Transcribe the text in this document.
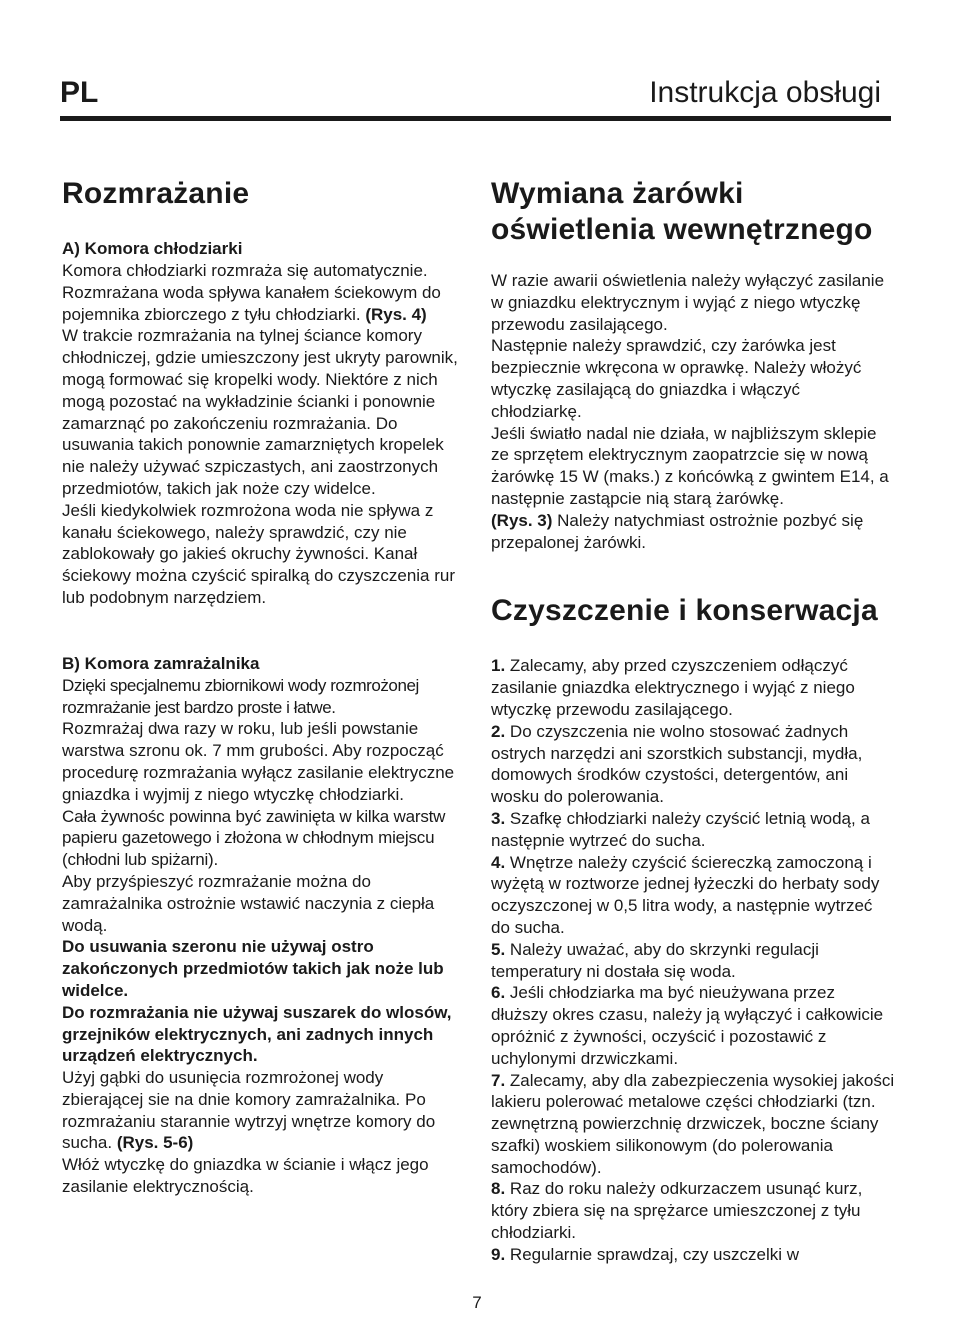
PL	Instrukcja obsługi
Rozmrażanie
A) Komora chłodziarki

Komora chłodziarki rozmraża się automatycznie. Rozmrażana woda spływa kanałem ściekowym do pojemnika zbiorczego z tyłu chłodziarki. (Rys. 4)

W trakcie rozmrażania na tylnej ściance komory chłodniczej, gdzie umieszczony jest ukryty parownik, mogą formować się kropelki wody. Niektóre z nich mogą pozostać na wykładzinie ścianki i ponownie zamarznąć po zakończeniu rozmrażania. Do usuwania takich ponownie zamarzniętych kropelek nie należy używać szpiczastych, ani zaostrzonych przedmiotów, takich jak noże czy widelce.

Jeśli kiedykolwiek rozmrożona woda nie spływa z kanału ściekowego, należy sprawdzić, czy nie zablokowały go jakieś okruchy żywności. Kanał ściekowy można czyścić spiralką do czyszczenia rur lub podobnym narzędziem.

B) Komora zamrażalnika

Dzięki specjalnemu zbiornikowi wody rozmrożonej rozmrażanie jest bardzo proste i łatwe.

Rozmrażaj dwa razy w roku, lub jeśli powstanie warstwa szronu ok. 7 mm grubości. Aby rozpocząć procedurę rozmrażania wyłącz zasilanie elektryczne gniazdka i wyjmij z niego wtyczkę chłodziarki.

Cała żywnośc powinna być zawinięta w kilka warstw papieru gazetowego i złożona w chłodnym miejscu (chłodni lub spiżarni).

Aby przyśpieszyć rozmrażanie można do zamrażalnika ostrożnie wstawić naczynia z ciepła wodą.

Do usuwania szeronu nie używaj ostro zakończonych przedmiotów takich jak noże lub widelce.

Do rozmrażania nie używaj suszarek do wlosów, grzejników elektrycznych, ani zadnych innych urządzeń elektrycznych.

Użyj gąbki do usunięcia rozmrożonej wody zbierającej sie na dnie komory zamrażalnika. Po rozmrażaniu starannie wytrzyj wnętrze komory do sucha. (Rys. 5-6)

Włóż wtyczkę do gniazdka w ścianie i włącz jego zasilanie elektrycznością.

Wymiana żarówki oświetlenia wewnętrznego

W razie awarii oświetlenia należy wyłączyć zasilanie w gniazdku elektrycznym i wyjąć z niego wtyczkę przewodu zasilającego.

Następnie należy sprawdzić, czy żarówka jest bezpiecznie wkręcona w oprawkę. Należy włożyć wtyczkę zasilającą do gniazdka i włączyć chłodziarkę.

Jeśli światło nadal nie działa, w najbliższym sklepie ze sprzętem elektrycznym zaopatrzcie się w nową żarówkę 15 W (maks.) z końcówką z gwintem E14, a następnie zastąpcie nią starą żarówkę.

(Rys. 3) Należy natychmiast ostrożnie pozbyć się przepalonej żarówki.

Czyszczenie i konserwacja

1. Zalecamy, aby przed czyszczeniem odłączyć zasilanie gniazdka elektrycznego i wyjąć z niego wtyczkę przewodu zasilającego.

2. Do czyszczenia nie wolno stosować żadnych ostrych narzędzi ani szorstkich substancji, mydła, domowych środków czystości, detergentów, ani wosku do polerowania.

3. Szafkę chłodziarki należy czyścić letnią wodą, a następnie wytrzeć do sucha.

4. Wnętrze należy czyścić ściereczką zamoczoną i wyżętą w roztworze jednej łyżeczki do herbaty sody oczyszczonej w 0,5 litra wody, a następnie wytrzeć do sucha.

5. Należy uważać, aby do skrzynki regulacji temperatury ni dostała się woda.

6. Jeśli chłodziarka ma być nieużywana przez dłuższy okres czasu, należy ją wyłączyć i całkowicie opróżnić z żywności, oczyścić i pozostawić z uchylonymi drzwiczkami.

7. Zalecamy, aby dla zabezpieczenia wysokiej jakości lakieru polerować metalowe części chłodziarki (tzn. zewnętrzną powierzchnię drzwiczek, boczne ściany szafki) woskiem silikonowym (do polerowania samochodów).

8. Raz do roku należy odkurzaczem usunąć kurz, który zbiera się na sprężarce umieszczonej z tyłu chłodziarki.

9. Regularnie sprawdzaj, czy uszczelki w

7
